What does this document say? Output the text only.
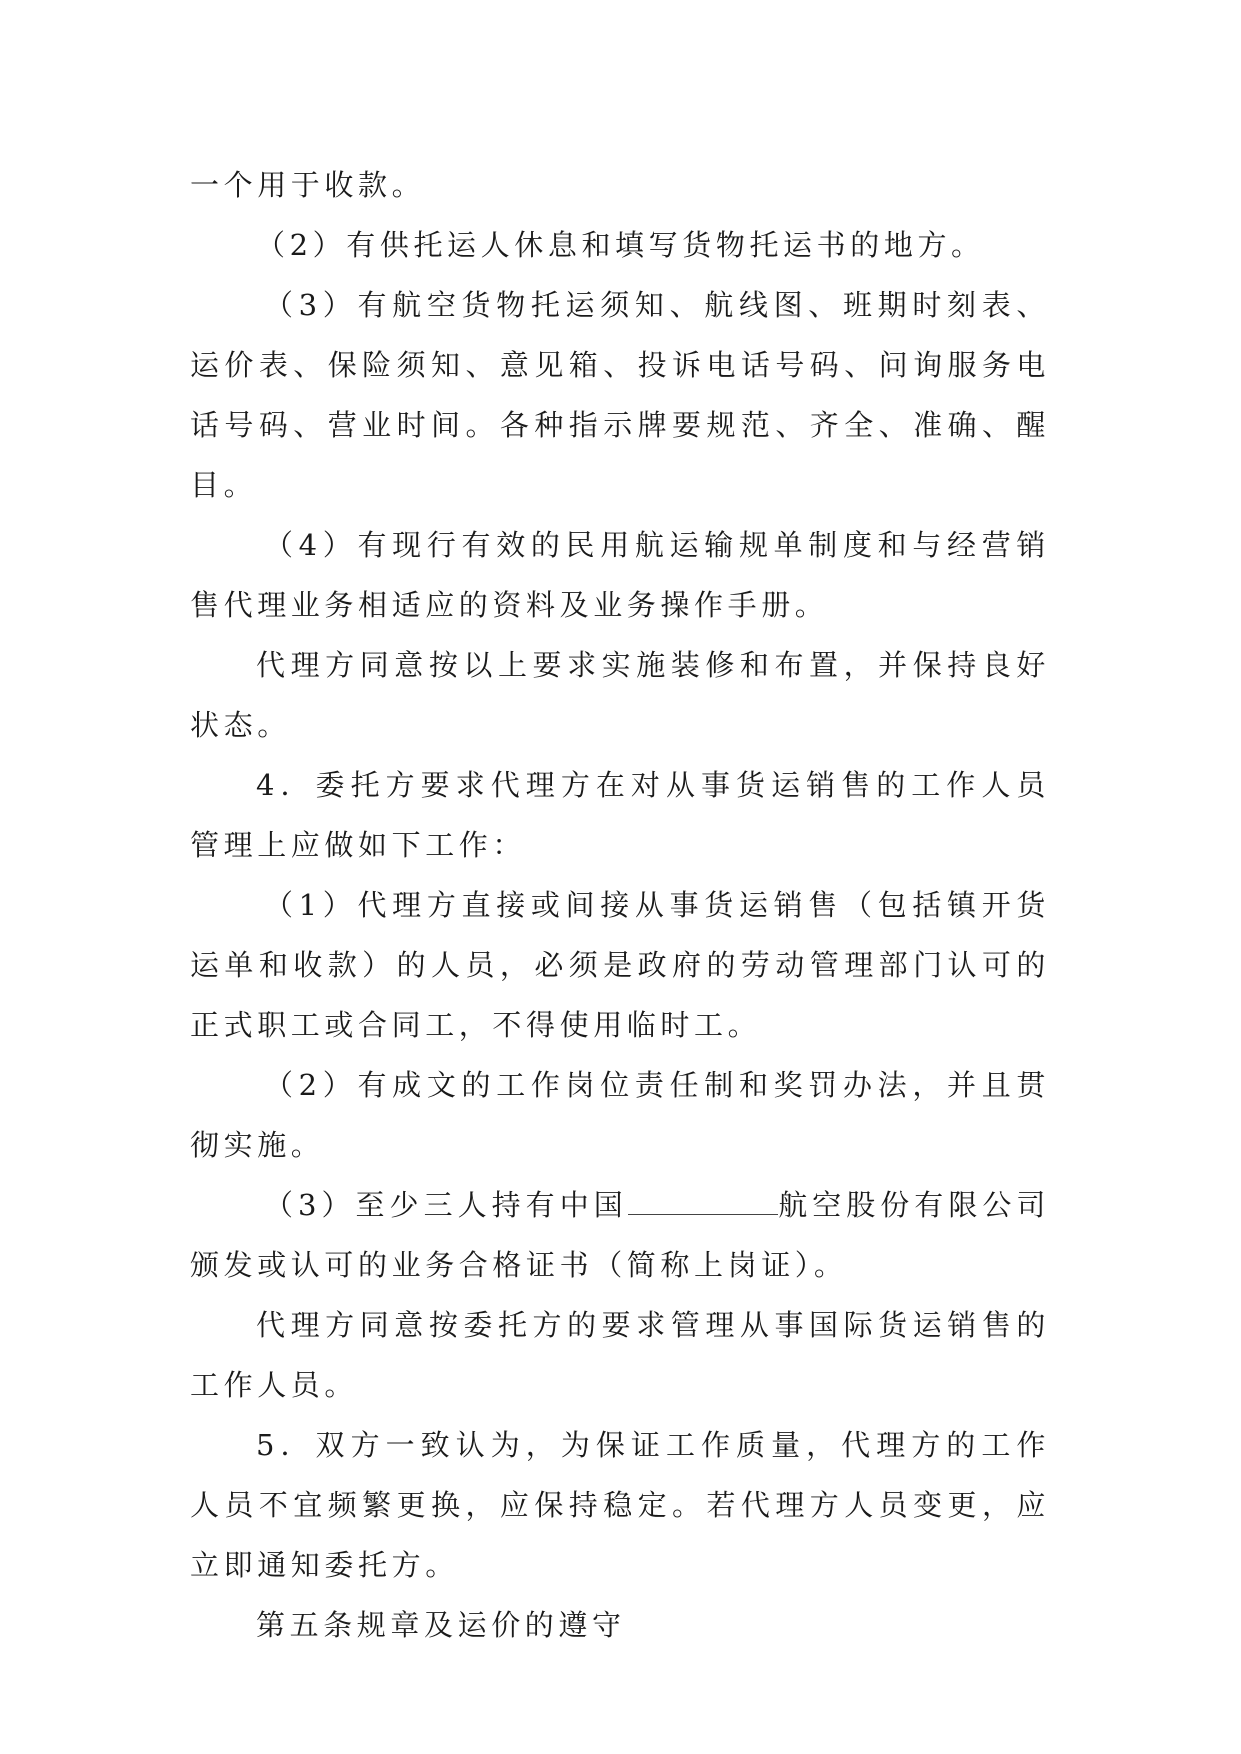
一个用于收款。

（2）有供托运人休息和填写货物托运书的地方。

（3）有航空货物托运须知、航线图、班期时刻表、运价表、保险须知、意见箱、投诉电话号码、问询服务电话号码、营业时间。各种指示牌要规范、齐全、准确、醒目。

（4）有现行有效的民用航运输规单制度和与经营销售代理业务相适应的资料及业务操作手册。

代理方同意按以上要求实施装修和布置，并保持良好状态。

4．委托方要求代理方在对从事货运销售的工作人员管理上应做如下工作：

（1）代理方直接或间接从事货运销售（包括镇开货运单和收款）的人员，必须是政府的劳动管理部门认可的正式职工或合同工，不得使用临时工。

（2）有成文的工作岗位责任制和奖罚办法，并且贯彻实施。

（3）至少三人持有中国	航空股份有限公司颁发或认可的业务合格证书（简称上岗证）。

代理方同意按委托方的要求管理从事国际货运销售的工作人员。

5．双方一致认为，为保证工作质量，代理方的工作人员不宜频繁更换，应保持稳定。若代理方人员变更，应立即通知委托方。

第五条规章及运价的遵守
